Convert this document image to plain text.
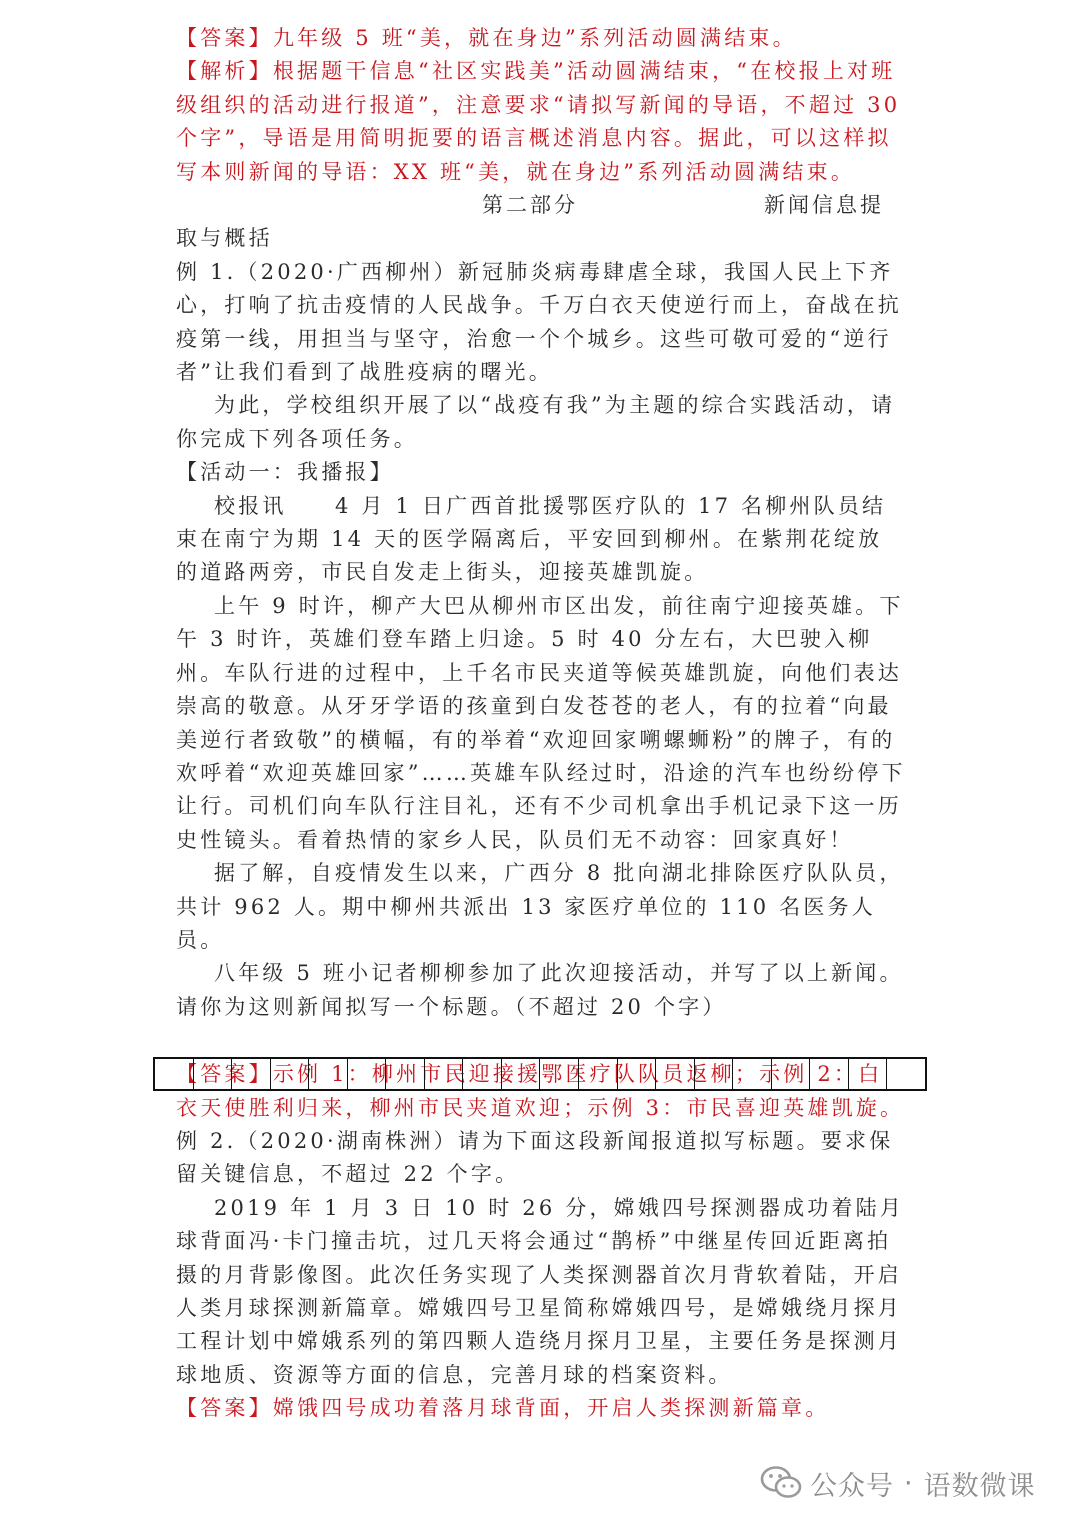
【答案】九年级 5 班“美，就在身边”系列活动圆满结束。

【解析】根据题干信息“社区实践美”活动圆满结束，“在校报上对班级组织的活动进行报道”，注意要求“请拟写新闻的导语，不超过 30 个字”，导语是用简明扼要的语言概述消息内容。据此，可以这样拟写本则新闻的导语：XX 班“美，就在身边”系列活动圆满结束。

第二部分	新闻信息提

取与概括

例 1.（2020·广西柳州）新冠肺炎病毒肆虐全球，我国人民上下齐心，打响了抗击疫情的人民战争。千万白衣天使逆行而上，奋战在抗疫第一线，用担当与坚守，治愈一个个城乡。这些可敬可爱的“逆行者”让我们看到了战胜疫病的曙光。

为此，学校组织开展了以“战疫有我”为主题的综合实践活动，请你完成下列各项任务。

【活动一：我播报】

校报讯　　4 月 1 日广西首批援鄂医疗队的 17 名柳州队员结束在南宁为期 14 天的医学隔离后，平安回到柳州。在紫荆花绽放的道路两旁，市民自发走上街头，迎接英雄凯旋。

上午 9 时许，柳产大巴从柳州市区出发，前往南宁迎接英雄。下午 3 时许，英雄们登车踏上归途。5 时 40 分左右，大巴驶入柳州。车队行进的过程中，上千名市民夹道等候英雄凯旋，向他们表达崇高的敬意。从牙牙学语的孩童到白发苍苍的老人，有的拉着“向最美逆行者致敬”的横幅，有的举着“欢迎回家嗍螺蛳粉”的牌子，有的欢呼着“欢迎英雄回家”……英雄车队经过时，沿途的汽车也纷纷停下让行。司机们向车队行注目礼，还有不少司机拿出手机记录下这一历史性镜头。看着热情的家乡人民，队员们无不动容：回家真好！

据了解，自疫情发生以来，广西分 8 批向湖北排除医疗队队员，共计 962 人。期中柳州共派出 13 家医疗单位的 110 名医务人员。

八年级 5 班小记者柳柳参加了此次迎接活动，并写了以上新闻。请你为这则新闻拟写一个标题。（不超过 20 个字）

【答案】示例 1：柳州市民迎接援鄂医疗队队员返柳；示例 2：白衣天使胜利归来，柳州市民夹道欢迎；示例 3：市民喜迎英雄凯旋。

例 2.（2020·湖南株洲）请为下面这段新闻报道拟写标题。要求保留关键信息，不超过 22 个字。

2019 年 1 月 3 日 10 时 26 分，嫦娥四号探测器成功着陆月球背面冯·卡门撞击坑，过几天将会通过“鹊桥”中继星传回近距离拍摄的月背影像图。此次任务实现了人类探测器首次月背软着陆，开启人类月球探测新篇章。嫦娥四号卫星简称嫦娥四号，是嫦娥绕月探月工程计划中嫦娥系列的第四颗人造绕月探月卫星，主要任务是探测月球地质、资源等方面的信息，完善月球的档案资料。

【答案】嫦饿四号成功着落月球背面，开启人类探测新篇章。

公众号 · 语数微课
